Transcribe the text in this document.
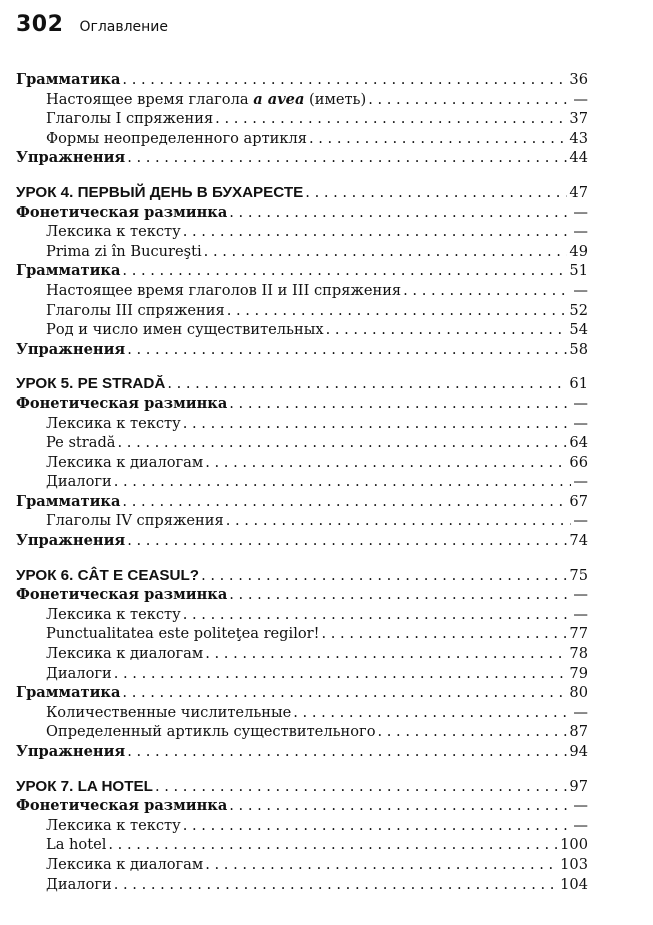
302 Оглавление
Грамматика . . .	36
Настоящее время глагола a avea (иметь) . . .	—
Глаголы I спряжения . . .	37
Формы неопределенного артикля . . .	43
Упражнения . . .	44
УРОК 4. ПЕРВЫЙ ДЕНЬ В БУХАРЕСТЕ . . .	47
Фонетическая разминка . . .	—
Лексика к тексту . . .	—
Prima zi în Bucureşti . . .	49
Грамматика . . .	51
Настоящее время глаголов II и III спряжения . . .	—
Глаголы III спряжения . . .	52
Род и число имен существительных . . .	54
Упражнения . . .	58
УРОК 5. PE STRADĂ . . .	61
Фонетическая разминка . . .	—
Лексика к тексту . . .	—
Pe stradă . . .	64
Лексика к диалогам . . .	66
Диалоги . . .	—
Грамматика . . .	67
Глаголы IV спряжения . . .	—
Упражнения . . .	74
УРОК 6. CÂT E CEASUL? . . .	75
Фонетическая разминка . . .	—
Лексика к тексту . . .	—
Punctualitatea este politeţea regilor! . . .	77
Лексика к диалогам . . .	78
Диалоги . . .	79
Грамматика . . .	80
Количественные числительные . . .	—
Определенный артикль существительного . . .	87
Упражнения . . .	94
УРОК 7. LA HOTEL . . .	97
Фонетическая разминка . . .	—
Лексика к тексту . . .	—
La hotel . . .	100
Лексика к диалогам . . .	103
Диалоги . . .	104
